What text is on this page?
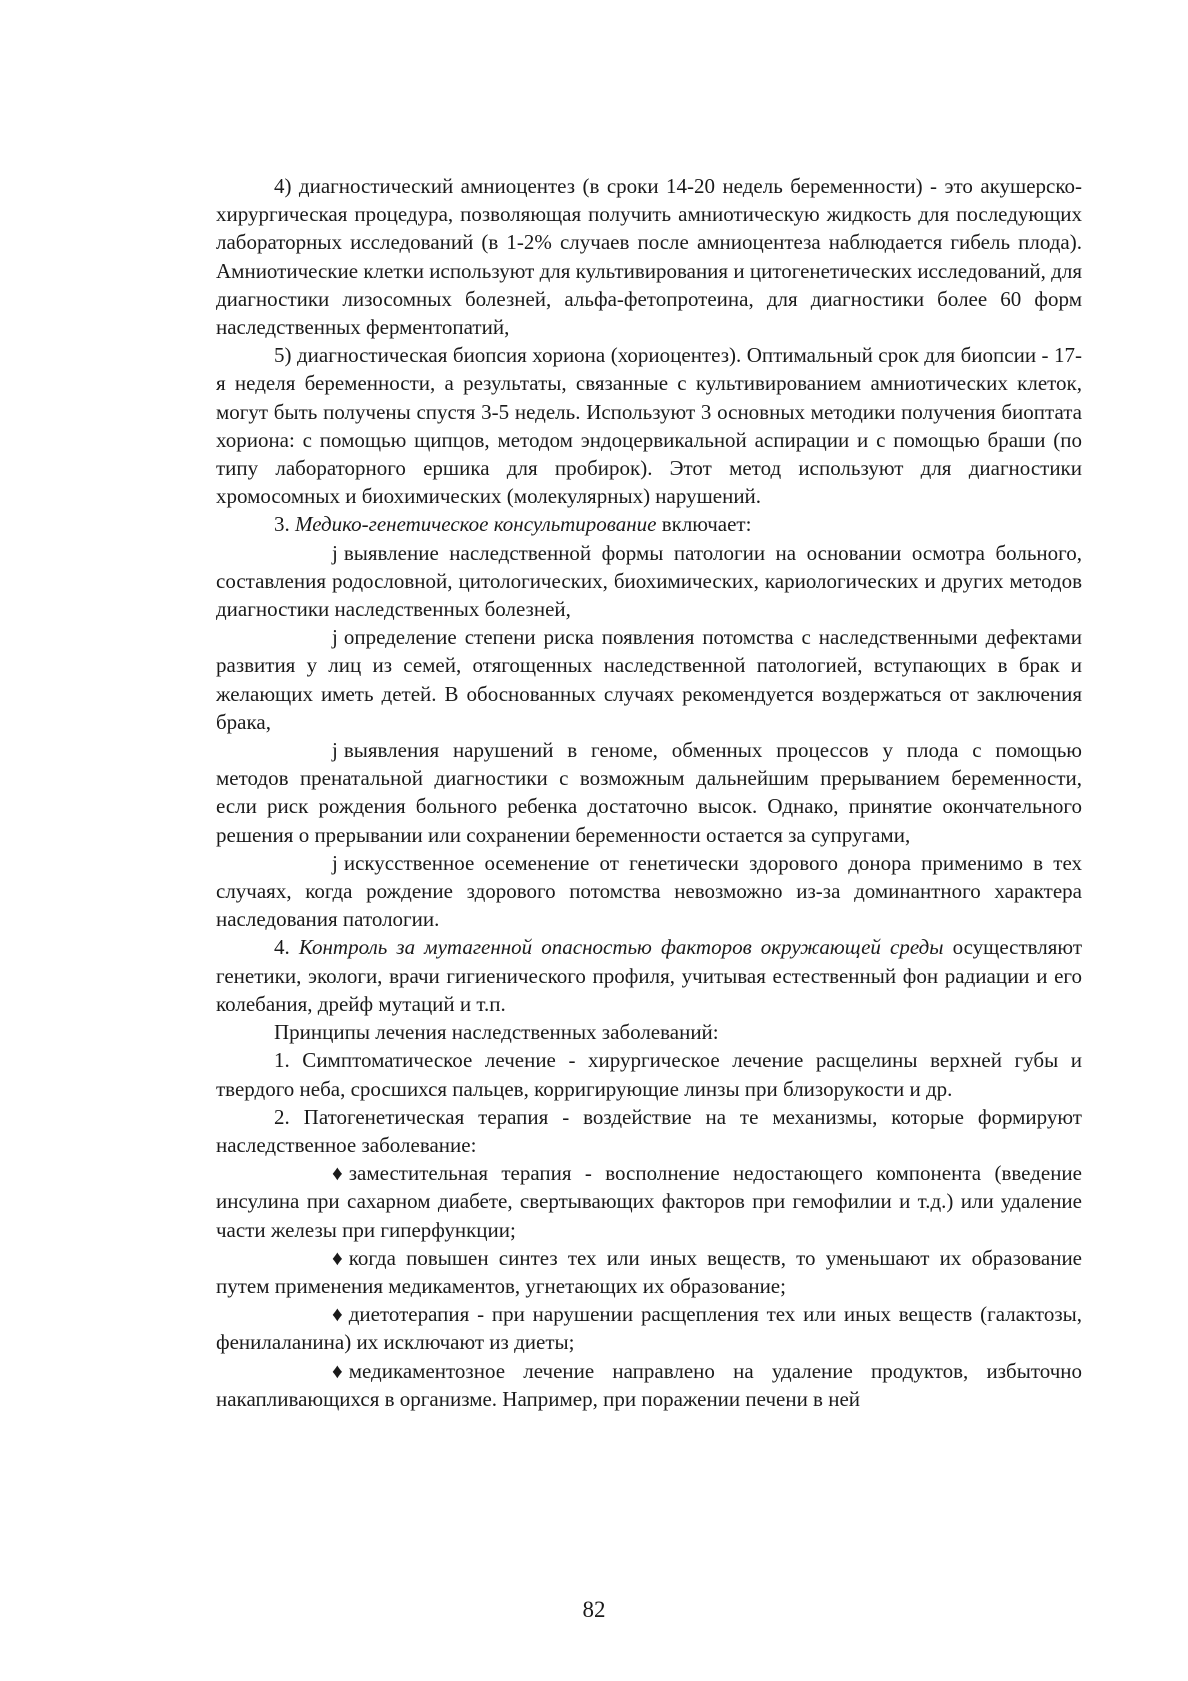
4) диагностический амниоцентез (в сроки 14-20 недель беременности) - это акушерско-хирургическая процедура, позволяющая получить амниотическую жидкость для последующих лабораторных исследований (в 1-2% случаев после амниоцентеза наблюдается гибель плода). Амниотические клетки используют для культивирования и цитогенетических исследований, для диагностики лизосомных болезней, альфа-фетопротеина, для диагностики более 60 форм наследственных ферментопатий,

5) диагностическая биопсия хориона (хориоцентез). Оптимальный срок для биопсии - 17-я неделя беременности, а результаты, связанные с культивированием амниотических клеток, могут быть получены спустя 3-5 недель. Используют 3 основных методики получения биоптата хориона: с помощью щипцов, методом эндоцервикальной аспирации и с помощью браши (по типу лабораторного ершика для пробирок). Этот метод используют для диагностики хромосомных и биохимических (молекулярных) нарушений.

3. Медико-генетическое консультирование включает:

j выявление наследственной формы патологии на основании осмотра больного, составления родословной, цитологических, биохимических, кариологических и других методов диагностики наследственных болезней,

j определение степени риска появления потомства с наследственными дефектами развития у лиц из семей, отягощенных наследственной патологией, вступающих в брак и желающих иметь детей. В обоснованных случаях рекомендуется воздержаться от заключения брака,

j выявления нарушений в геноме, обменных процессов у плода с помощью методов пренатальной диагностики с возможным дальнейшим прерыванием беременности, если риск рождения больного ребенка достаточно высок. Однако, принятие окончательного решения о прерывании или сохранении беременности остается за супругами,

j искусственное осеменение от генетически здорового донора применимо в тех случаях, когда рождение здорового потомства невозможно из-за доминантного характера наследования патологии.

4. Контроль за мутагенной опасностью факторов окружающей среды осуществляют генетики, экологи, врачи гигиенического профиля, учитывая естественный фон радиации и его колебания, дрейф мутаций и т.п.

Принципы лечения наследственных заболеваний:

1. Симптоматическое лечение - хирургическое лечение расщелины верхней губы и твердого неба, сросшихся пальцев, корригирующие линзы при близорукости и др.

2. Патогенетическая терапия - воздействие на те механизмы, которые формируют наследственное заболевание:

♦ заместительная терапия - восполнение недостающего компонента (введение инсулина при сахарном диабете, свертывающих факторов при гемофилии и т.д.) или удаление части железы при гиперфункции;

♦ когда повышен синтез тех или иных веществ, то уменьшают их образование путем применения медикаментов, угнетающих их образование;

♦ диетотерапия - при нарушении расщепления тех или иных веществ (галактозы, фенилаланина) их исключают из диеты;

♦ медикаментозное лечение направлено на удаление продуктов, избыточно накапливающихся в организме. Например, при поражении печени в ней

82
